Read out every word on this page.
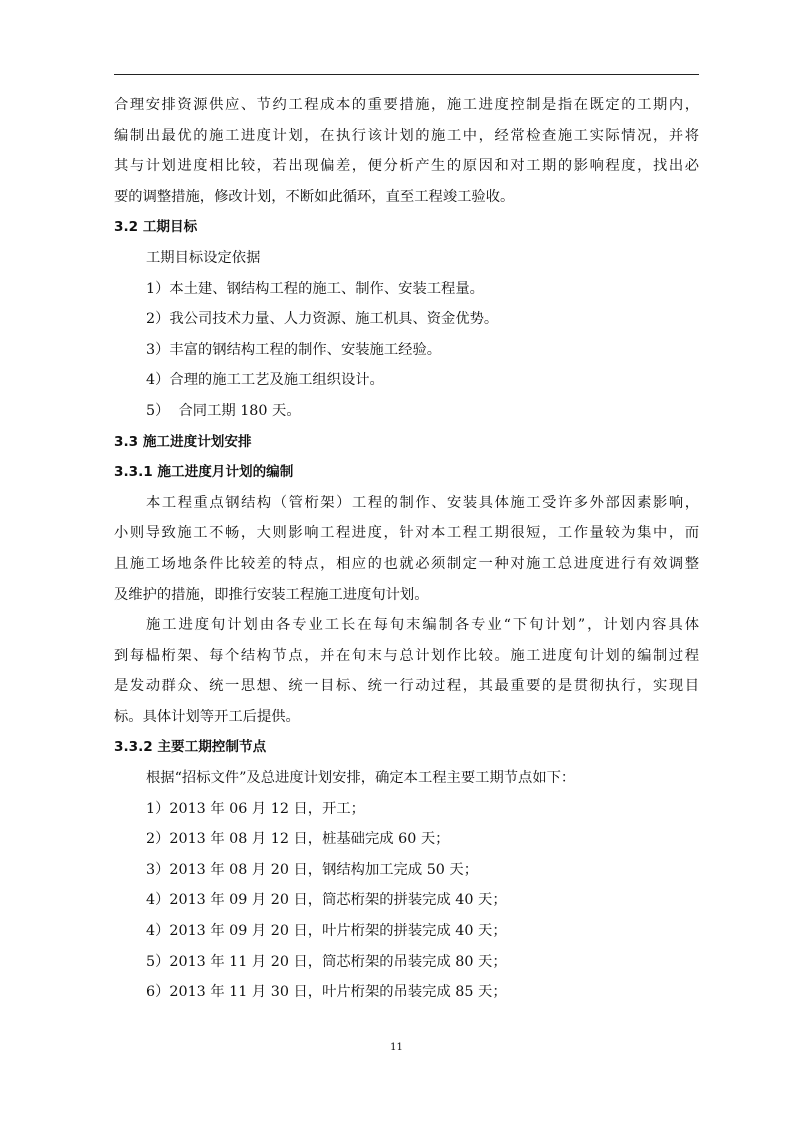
合理安排资源供应、节约工程成本的重要措施，施工进度控制是指在既定的工期内，
编制出最优的施工进度计划，在执行该计划的施工中，经常检查施工实际情况，并将
其与计划进度相比较，若出现偏差，便分析产生的原因和对工期的影响程度，找出必
要的调整措施，修改计划，不断如此循环，直至工程竣工验收。
3.2 工期目标
工期目标设定依据
1）本土建、钢结构工程的施工、制作、安装工程量。
2）我公司技术力量、人力资源、施工机具、资金优势。
3）丰富的钢结构工程的制作、安装施工经验。
4）合理的施工工艺及施工组织设计。
5）  合同工期 180 天。
3.3 施工进度计划安排
3.3.1 施工进度月计划的编制
本工程重点钢结构（管桁架）工程的制作、安装具体施工受许多外部因素影响，
小则导致施工不畅，大则影响工程进度，针对本工程工期很短，工作量较为集中，而
且施工场地条件比较差的特点，相应的也就必须制定一种对施工总进度进行有效调整
及维护的措施，即推行安装工程施工进度旬计划。
施工进度旬计划由各专业工长在每旬末编制各专业“下旬计划”，计划内容具体
到每榀桁架、每个结构节点，并在旬末与总计划作比较。施工进度旬计划的编制过程
是发动群众、统一思想、统一目标、统一行动过程，其最重要的是贯彻执行，实现目
标。具体计划等开工后提供。
3.3.2 主要工期控制节点
根据“招标文件”及总进度计划安排，确定本工程主要工期节点如下：
1）2013 年 06 月 12 日，开工；
2）2013 年 08 月 12 日，桩基础完成 60 天；
3）2013 年 08 月 20 日，钢结构加工完成 50 天；
4）2013 年 09 月 20 日，筒芯桁架的拼装完成 40 天；
4）2013 年 09 月 20 日，叶片桁架的拼装完成 40 天；
5）2013 年 11 月 20 日，筒芯桁架的吊装完成 80 天；
6）2013 年 11 月 30 日，叶片桁架的吊装完成 85 天；
11
